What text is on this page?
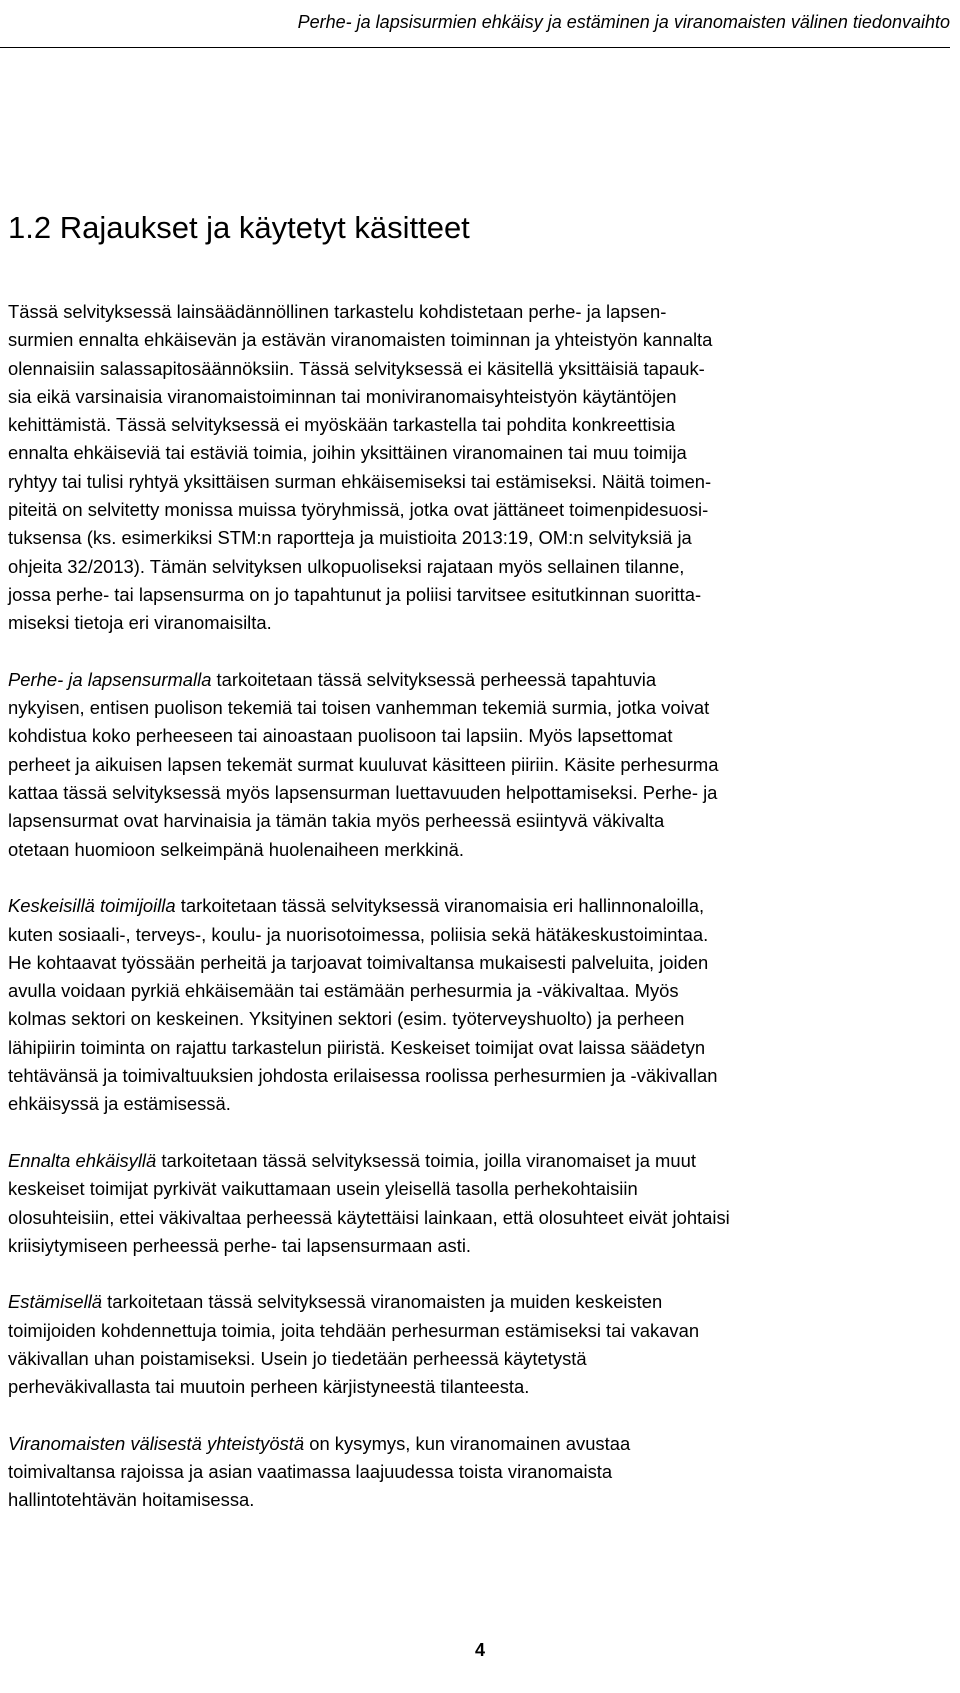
Perhe- ja lapsisurmien ehkäisy ja estäminen ja viranomaisten välinen tiedonvaihto
1.2 Rajaukset ja käytetyt käsitteet

Tässä selvityksessä lainsäädännöllinen tarkastelu kohdistetaan perhe- ja lapsen-
surmien ennalta ehkäisevän ja estävän viranomaisten toiminnan ja yhteistyön kannalta
olennaisiin salassapitosäännöksiin. Tässä selvityksessä ei käsitellä yksittäisiä tapauk-
sia eikä varsinaisia viranomaistoiminnan tai moniviranomaisyhteistyön käytäntöjen
kehittämistä. Tässä selvityksessä ei myöskään tarkastella tai pohdita konkreettisia
ennalta ehkäiseviä tai estäviä toimia, joihin yksittäinen viranomainen tai muu toimija
ryhtyy tai tulisi ryhtyä yksittäisen surman ehkäisemiseksi tai estämiseksi. Näitä toimen-
piteitä on selvitetty monissa muissa työryhmissä, jotka ovat jättäneet toimenpidesuosi-
tuksensa (ks. esimerkiksi STM:n raportteja ja muistioita 2013:19, OM:n selvityksiä ja
ohjeita 32/2013). Tämän selvityksen ulkopuoliseksi rajataan myös sellainen tilanne,
jossa perhe- tai lapsensurma on jo tapahtunut ja poliisi tarvitsee esitutkinnan suoritta-
miseksi tietoja eri viranomaisilta.

Perhe- ja lapsensurmalla tarkoitetaan tässä selvityksessä perheessä tapahtuvia
nykyisen, entisen puolison tekemiä tai toisen vanhemman tekemiä surmia, jotka voivat
kohdistua koko perheeseen tai ainoastaan puolisoon tai lapsiin. Myös lapsettomat
perheet ja aikuisen lapsen tekemät surmat kuuluvat käsitteen piiriin. Käsite perhesurma
kattaa tässä selvityksessä myös lapsensurman luettavuuden helpottamiseksi. Perhe- ja
lapsensurmat ovat harvinaisia ja tämän takia myös perheessä esiintyvä väkivalta
otetaan huomioon selkeimpänä huolenaiheen merkkinä.

Keskeisillä toimijoilla tarkoitetaan tässä selvityksessä viranomaisia eri hallinnonaloilla,
kuten sosiaali-, terveys-, koulu- ja nuorisotoimessa, poliisia sekä hätäkeskustoimintaa.
He kohtaavat työssään perheitä ja tarjoavat toimivaltansa mukaisesti palveluita, joiden
avulla voidaan pyrkiä ehkäisemään tai estämään perhesurmia ja -väkivaltaa. Myös
kolmas sektori on keskeinen. Yksityinen sektori (esim. työterveyshuolto) ja perheen
lähipiirin toiminta on rajattu tarkastelun piiristä. Keskeiset toimijat ovat laissa säädetyn
tehtävänsä ja toimivaltuuksien johdosta erilaisessa roolissa perhesurmien ja -väkivallan
ehkäisyssä ja estämisessä.

Ennalta ehkäisyllä tarkoitetaan tässä selvityksessä toimia, joilla viranomaiset ja muut
keskeiset toimijat pyrkivät vaikuttamaan usein yleisellä tasolla perhekohtaisiin
olosuhteisiin, ettei väkivaltaa perheessä käytettäisi lainkaan, että olosuhteet eivät johtaisi
kriisiytymiseen perheessä perhe- tai lapsensurmaan asti.

Estämisellä tarkoitetaan tässä selvityksessä viranomaisten ja muiden keskeisten
toimijoiden kohdennettuja toimia, joita tehdään perhesurman estämiseksi tai vakavan
väkivallan uhan poistamiseksi. Usein jo tiedetään perheessä käytetystä
perheväkivallasta tai muutoin perheen kärjistyneestä tilanteesta.

Viranomaisten välisestä yhteistyöstä on kysymys, kun viranomainen avustaa
toimivaltansa rajoissa ja asian vaatimassa laajuudessa toista viranomaista
hallintotehtävän hoitamisessa.

4
